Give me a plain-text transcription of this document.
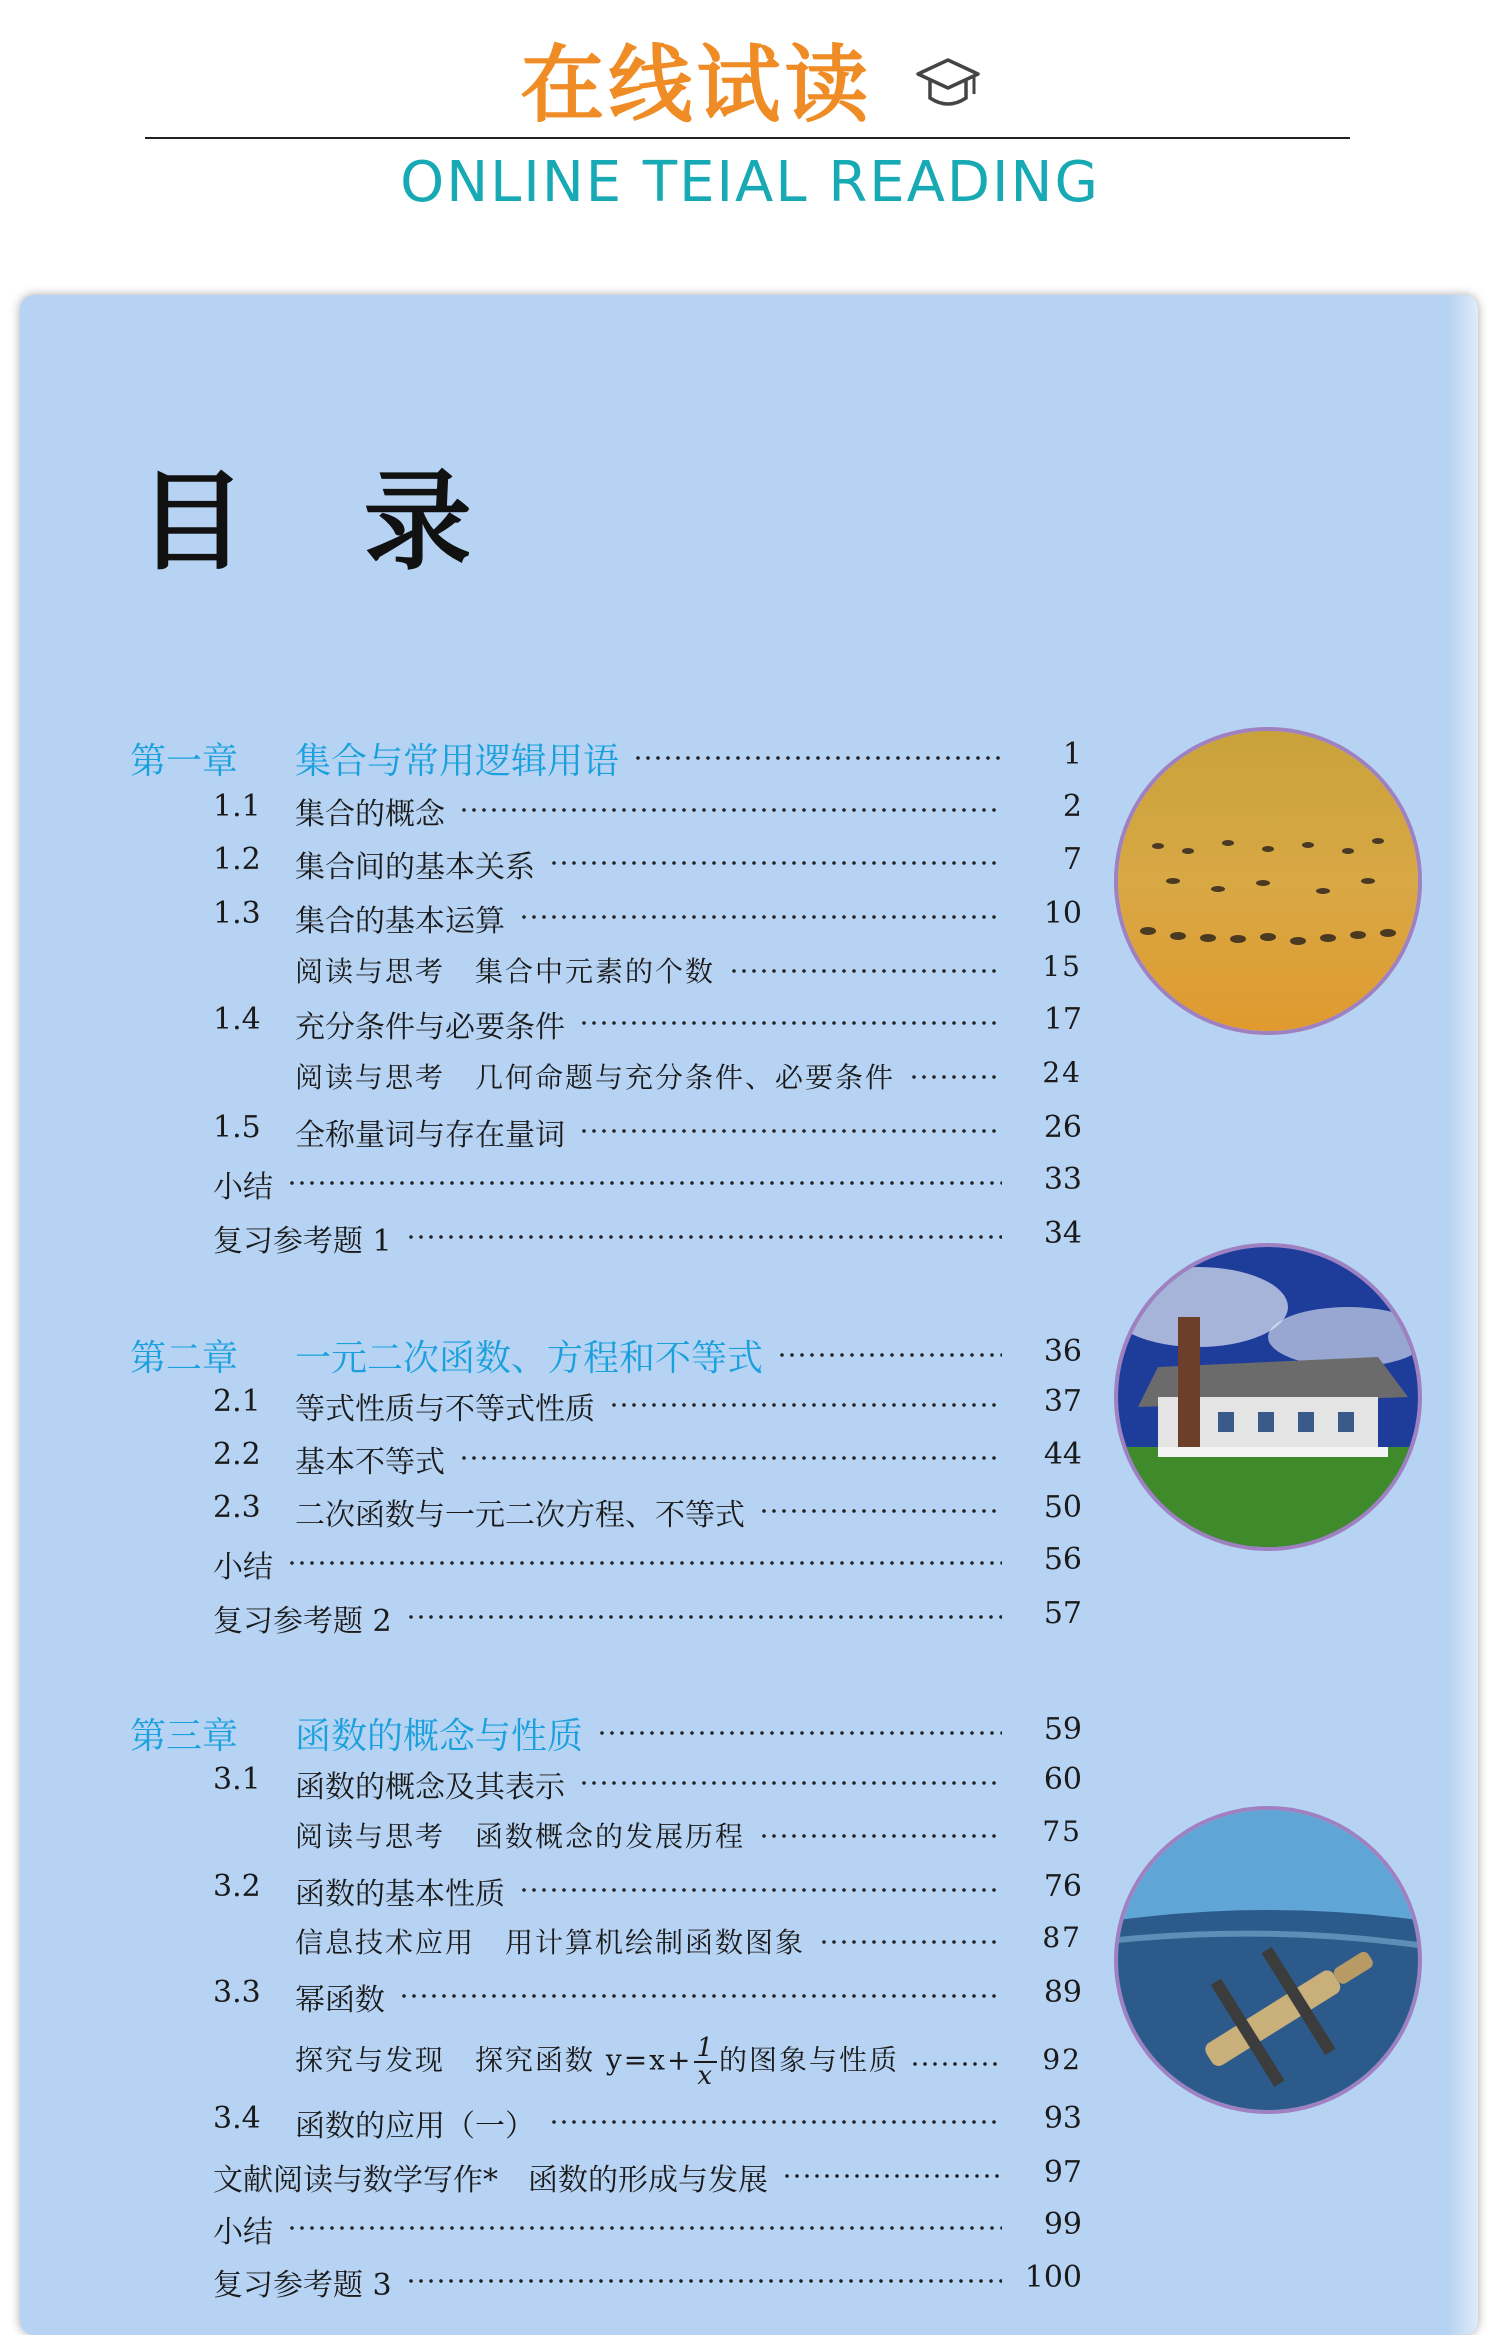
在线试读
ONLINE TEIAL READING
目 录
第一章 集合与常用逻辑用语	1
1.1 集合的概念	2
1.2 集合间的基本关系	7
1.3 集合的基本运算	10
阅读与思考　集合中元素的个数	15
1.4 充分条件与必要条件	17
阅读与思考　几何命题与充分条件、必要条件	24
1.5 全称量词与存在量词	26
小结	33
复习参考题 1	34
第二章 一元二次函数、方程和不等式	36
2.1 等式性质与不等式性质	37
2.2 基本不等式	44
2.3 二次函数与一元二次方程、不等式	50
小结	56
复习参考题 2	57
第三章 函数的概念与性质	59
3.1 函数的概念及其表示	60
阅读与思考　函数概念的发展历程	75
3.2 函数的基本性质	76
信息技术应用　用计算机绘制函数图象	87
3.3 幂函数	89
探究与发现　探究函数 $y=x+ \frac{1}{x}$ 的图象与性质	92
3.4 函数的应用（一）	93
文献阅读与数学写作*　函数的形成与发展	97
小结	99
复习参考题 3	100
